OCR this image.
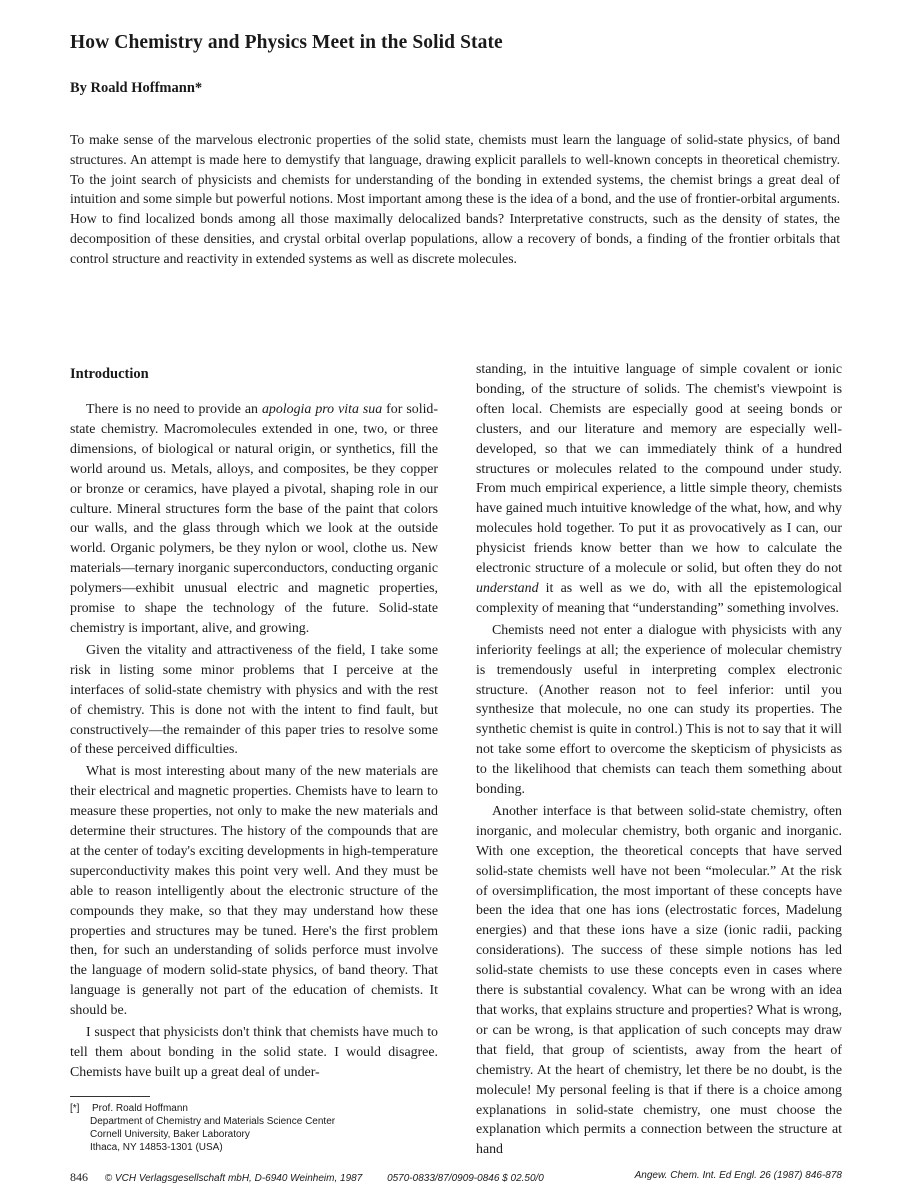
How Chemistry and Physics Meet in the Solid State
By Roald Hoffmann*

To make sense of the marvelous electronic properties of the solid state, chemists must learn the language of solid-state physics, of band structures. An attempt is made here to demystify that language, drawing explicit parallels to well-known concepts in theoretical chemistry. To the joint search of physicists and chemists for understanding of the bonding in extended systems, the chemist brings a great deal of intuition and some simple but powerful notions. Most important among these is the idea of a bond, and the use of frontier-orbital arguments. How to find localized bonds among all those maximally delocalized bands? Interpretative constructs, such as the density of states, the decomposition of these densities, and crystal orbital overlap populations, allow a recovery of bonds, a finding of the frontier orbitals that control structure and reactivity in extended systems as well as discrete molecules.

Introduction

There is no need to provide an apologia pro vita sua for solid-state chemistry. Macromolecules extended in one, two, or three dimensions, of biological or natural origin, or synthetics, fill the world around us. Metals, alloys, and composites, be they copper or bronze or ceramics, have played a pivotal, shaping role in our culture. Mineral structures form the base of the paint that colors our walls, and the glass through which we look at the outside world. Organic polymers, be they nylon or wool, clothe us. New materials—ternary inorganic superconductors, conducting organic polymers—exhibit unusual electric and magnetic properties, promise to shape the technology of the future. Solid-state chemistry is important, alive, and growing.

Given the vitality and attractiveness of the field, I take some risk in listing some minor problems that I perceive at the interfaces of solid-state chemistry with physics and with the rest of chemistry. This is done not with the intent to find fault, but constructively—the remainder of this paper tries to resolve some of these perceived difficulties.

What is most interesting about many of the new materials are their electrical and magnetic properties. Chemists have to learn to measure these properties, not only to make the new materials and determine their structures. The history of the compounds that are at the center of today's exciting developments in high-temperature superconductivity makes this point very well. And they must be able to reason intelligently about the electronic structure of the compounds they make, so that they may understand how these properties and structures may be tuned. Here's the first problem then, for such an understanding of solids perforce must involve the language of modern solid-state physics, of band theory. That language is generally not part of the education of chemists. It should be.

I suspect that physicists don't think that chemists have much to tell them about bonding in the solid state. I would disagree. Chemists have built up a great deal of under-

standing, in the intuitive language of simple covalent or ionic bonding, of the structure of solids. The chemist's viewpoint is often local. Chemists are especially good at seeing bonds or clusters, and our literature and memory are especially well-developed, so that we can immediately think of a hundred structures or molecules related to the compound under study. From much empirical experience, a little simple theory, chemists have gained much intuitive knowledge of the what, how, and why molecules hold together. To put it as provocatively as I can, our physicist friends know better than we how to calculate the electronic structure of a molecule or solid, but often they do not understand it as well as we do, with all the epistemological complexity of meaning that “understanding” something involves.

Chemists need not enter a dialogue with physicists with any inferiority feelings at all; the experience of molecular chemistry is tremendously useful in interpreting complex electronic structure. (Another reason not to feel inferior: until you synthesize that molecule, no one can study its properties. The synthetic chemist is quite in control.) This is not to say that it will not take some effort to overcome the skepticism of physicists as to the likelihood that chemists can teach them something about bonding.

Another interface is that between solid-state chemistry, often inorganic, and molecular chemistry, both organic and inorganic. With one exception, the theoretical concepts that have served solid-state chemists well have not been “molecular.” At the risk of oversimplification, the most important of these concepts have been the idea that one has ions (electrostatic forces, Madelung energies) and that these ions have a size (ionic radii, packing considerations). The success of these simple notions has led solid-state chemists to use these concepts even in cases where there is substantial covalency. What can be wrong with an idea that works, that explains structure and properties? What is wrong, or can be wrong, is that application of such concepts may draw that field, that group of scientists, away from the heart of chemistry. At the heart of chemistry, let there be no doubt, is the molecule! My personal feeling is that if there is a choice among explanations in solid-state chemistry, one must choose the explanation which permits a connection between the structure at hand

[*] Prof. Roald Hoffmann
Department of Chemistry and Materials Science Center
Cornell University, Baker Laboratory
Ithaca, NY 14853-1301 (USA)
846 © VCH Verlagsgesellschaft mbH, D-6940 Weinheim, 1987 0570-0833/87/0909-0846 $ 02.50/0	Angew. Chem. Int. Ed Engl. 26 (1987) 846-878
